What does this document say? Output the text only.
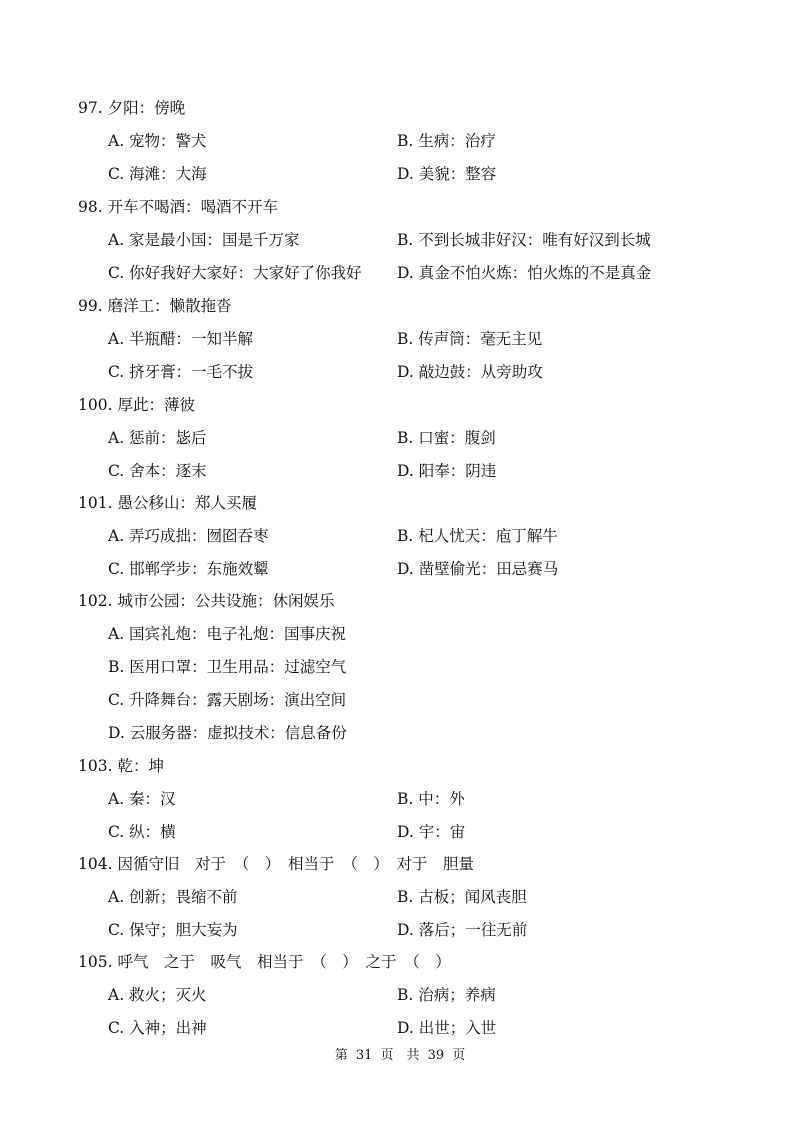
97. 夕阳：傍晚
A. 宠物：警犬	B. 生病：治疗
C. 海滩：大海	D. 美貌：整容
98. 开车不喝酒：喝酒不开车
A. 家是最小国：国是千万家	B. 不到长城非好汉：唯有好汉到长城
C. 你好我好大家好：大家好了你我好 D. 真金不怕火炼：怕火炼的不是真金
99. 磨洋工：懒散拖沓
A. 半瓶醋：一知半解	B. 传声筒：毫无主见
C. 挤牙膏：一毛不拔	D. 敲边鼓：从旁助攻
100. 厚此：薄彼
A. 惩前：毖后	B. 口蜜：腹剑
C. 舍本：逐末	D. 阳奉：阴违
101. 愚公移山：郑人买履
A. 弄巧成拙：囫囵吞枣	B. 杞人忧天：庖丁解牛
C. 邯郸学步：东施效颦	D. 凿壁偷光：田忌赛马
102. 城市公园：公共设施：休闲娱乐
A. 国宾礼炮：电子礼炮：国事庆祝
B. 医用口罩：卫生用品：过滤空气
C. 升降舞台：露天剧场：演出空间
D. 云服务器：虚拟技术：信息备份
103. 乾：坤
A. 秦：汉	B. 中：外
C. 纵：横	D. 宇：宙
104. 因循守旧　对于　（　）　相当于　（　）　对于　胆量
A. 创新；畏缩不前	B. 古板；闻风丧胆
C. 保守；胆大妄为	D. 落后；一往无前
105. 呼气　之于　吸气　相当于　（　）　之于　（　）
A. 救火；灭火	B. 治病；养病
C. 入神；出神	D. 出世；入世
第 31 页　共 39 页
